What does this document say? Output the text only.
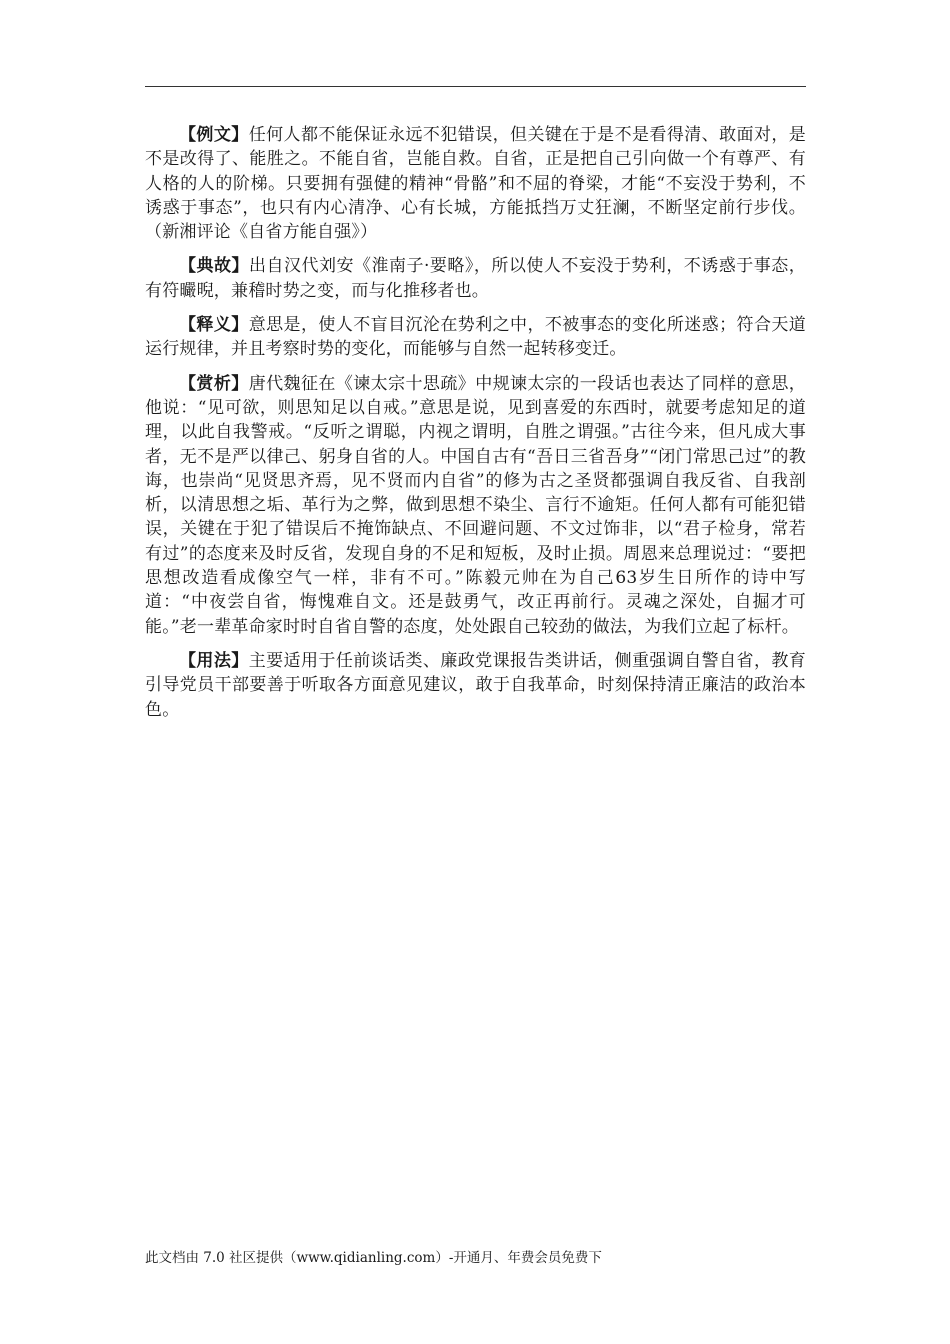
【例文】任何人都不能保证永远不犯错误，但关键在于是不是看得清、敢面对，是不是改得了、能胜之。不能自省，岂能自救。自省，正是把自己引向做一个有尊严、有人格的人的阶梯。只要拥有强健的精神“骨骼”和不屈的脊梁，才能“不妄没于势利，不诱惑于事态”，也只有内心清净、心有长城，方能抵挡万丈狂澜，不断坚定前行步伐。（新湘评论《自省方能自强》）

【典故】出自汉代刘安《淮南子·要略》，所以使人不妄没于势利，不诱惑于事态，有符曮晲，兼稽时势之变，而与化推移者也。

【释义】意思是，使人不盲目沉沦在势利之中，不被事态的变化所迷惑；符合天道运行规律，并且考察时势的变化，而能够与自然一起转移变迁。

【赏析】唐代魏征在《谏太宗十思疏》中规谏太宗的一段话也表达了同样的意思，他说：“见可欲，则思知足以自戒。”意思是说，见到喜爱的东西时，就要考虑知足的道理，以此自我警戒。“反听之谓聪，内视之谓明，自胜之谓强。”古往今来，但凡成大事者，无不是严以律己、躬身自省的人。中国自古有“吾日三省吾身”“闭门常思己过”的教诲，也崇尚“见贤思齐焉，见不贤而内自省”的修为古之圣贤都强调自我反省、自我剖析，以清思想之垢、革行为之弊，做到思想不染尘、言行不逾矩。任何人都有可能犯错误，关键在于犯了错误后不掩饰缺点、不回避问题、不文过饰非，以“君子检身，常若有过”的态度来及时反省，发现自身的不足和短板，及时止损。周恩来总理说过：“要把思想改造看成像空气一样，非有不可。”陈毅元帅在为自己63岁生日所作的诗中写道：“中夜尝自省，悔愧难自文。还是鼓勇气，改正再前行。灵魂之深处，自掘才可能。”老一辈革命家时时自省自警的态度，处处跟自己较劲的做法，为我们立起了标杆。

【用法】主要适用于任前谈话类、廉政党课报告类讲话，侧重强调自警自省，教育引导党员干部要善于听取各方面意见建议，敢于自我革命，时刻保持清正廉洁的政治本色。

此文档由 7.0 社区提供（www.qidianling.com）-开通月、年费会员免费下
